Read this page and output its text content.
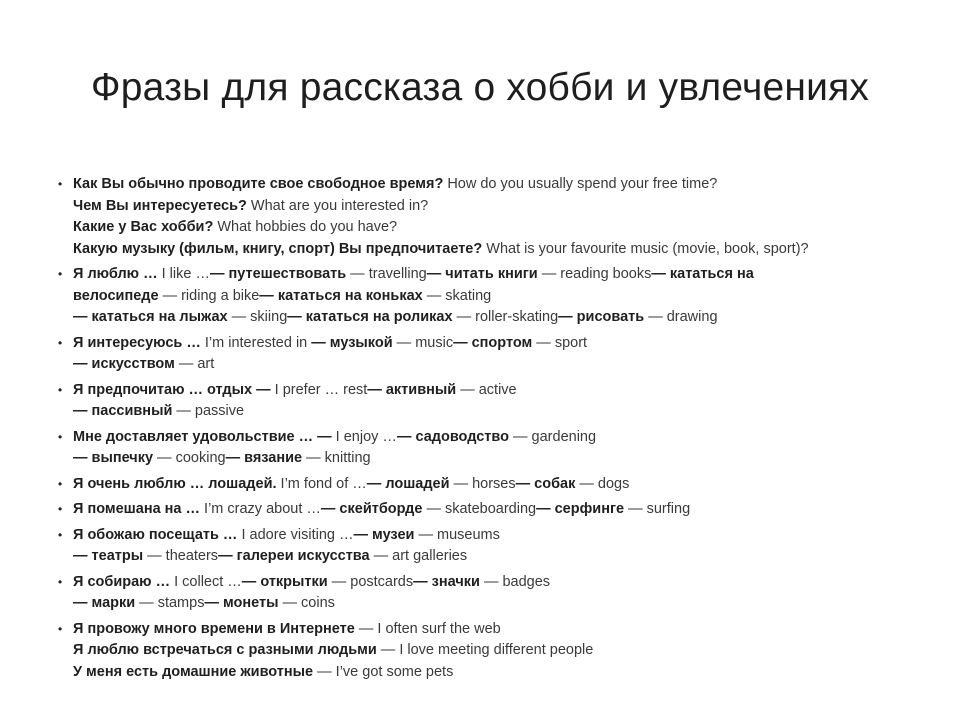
Фразы для рассказа о хобби и увлечениях
• Как Вы обычно проводите свое свободное время? How do you usually spend your free time?
Чем Вы интересуетесь? What are you interested in?
Какие у Вас хобби? What hobbies do you have?
Какую музыку (фильм, книгу, спорт) Вы предпочитаете? What is your favourite music (movie, book, sport)?
• Я люблю … I like …— путешествовать — travelling— читать книги — reading books— кататься на
велосипеде — riding a bike— кататься на коньках — skating
— кататься на лыжах — skiing— кататься на роликах — roller-skating— рисовать — drawing
• Я интересуюсь … I’m interested in — музыкой — music— спортом — sport
— искусством — art
• Я предпочитаю … отдых — I prefer … rest— активный — active
— пассивный — passive
• Мне доставляет удовольствие … — I enjoy …— садоводство — gardening
— выпечку — cooking— вязание — knitting
• Я очень люблю … лошадей. I’m fond of …— лошадей — horses— собак — dogs
• Я помешана на … I’m crazy about …— скейтборде — skateboarding— серфинге — surfing
• Я обожаю посещать … I adore visiting …— музеи — museums
— театры — theaters— галереи искусства — art galleries
• Я собираю … I collect …— открытки — postcards— значки — badges
— марки — stamps— монеты — coins
• Я провожу много времени в Интернете — I often surf the web
Я люблю встречаться с разными людьми — I love meeting different people
У меня есть домашние животные — I’ve got some pets
